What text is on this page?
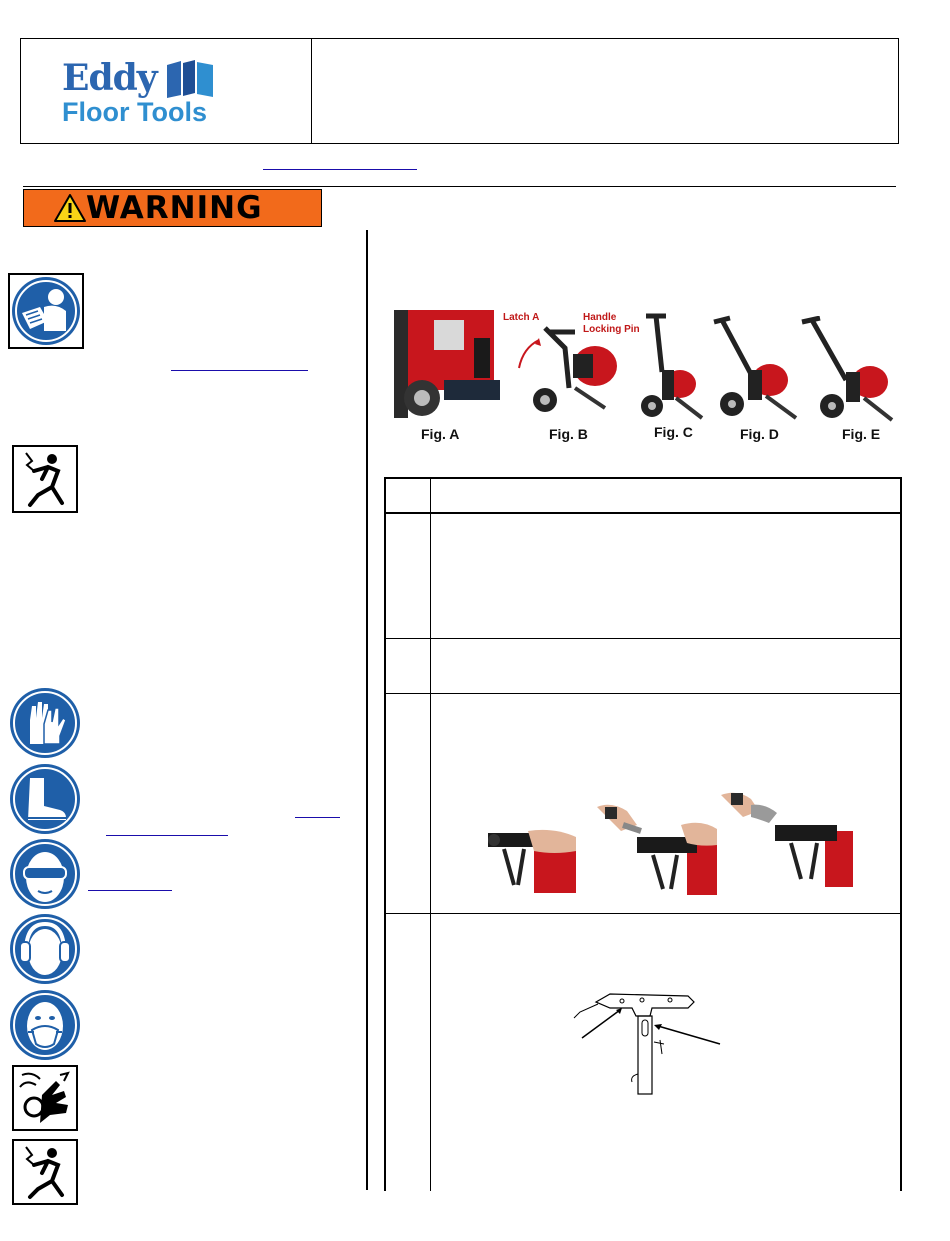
Eddy
Floor Tools
WARNING
Fig. A
Latch A	Handle
Locking Pin
Fig. B	Fig. C	Fig. D	Fig. E
